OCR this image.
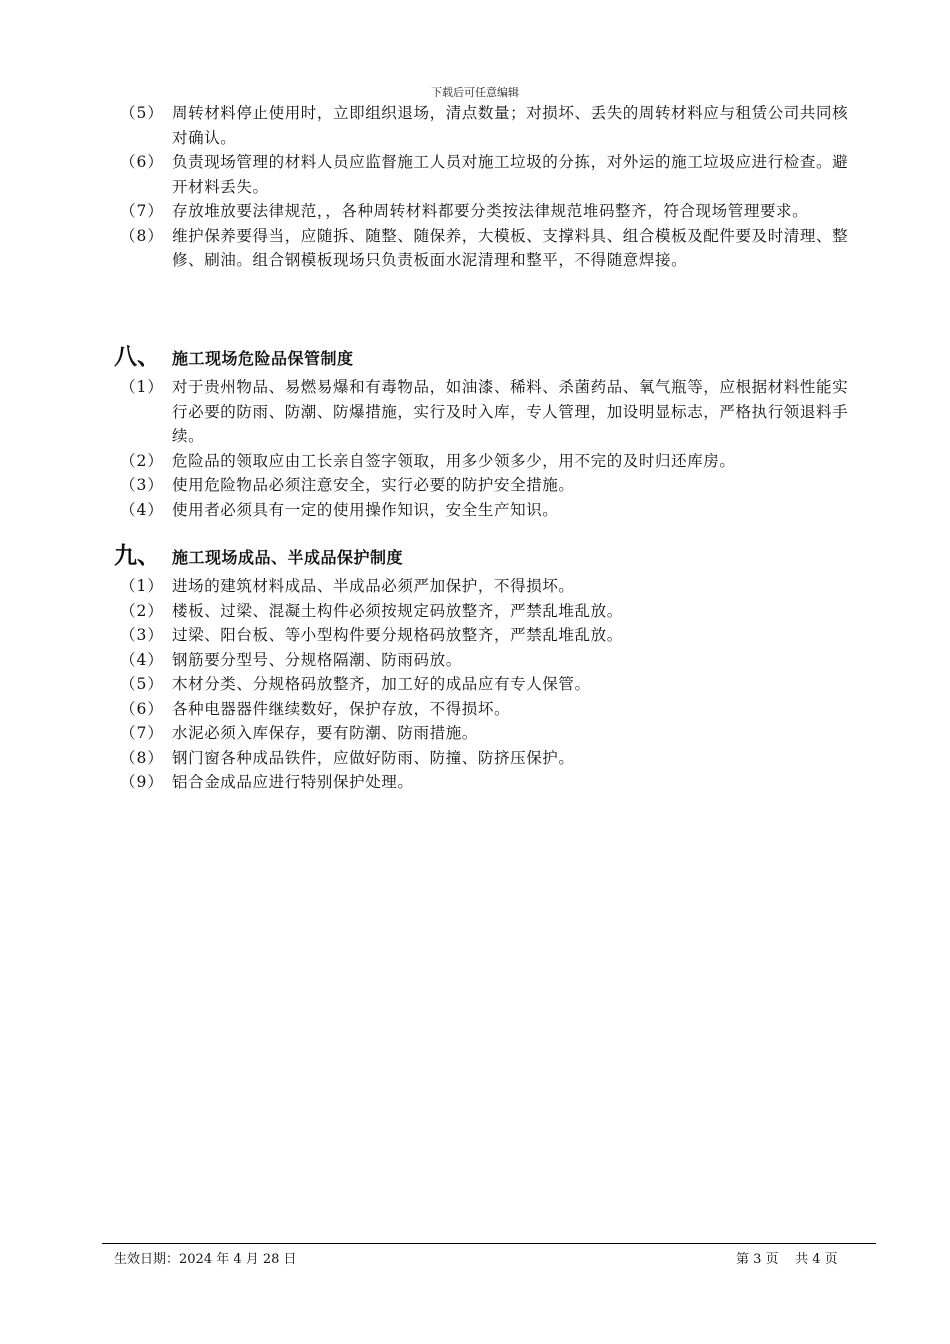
下载后可任意编辑
（5） 周转材料停止使用时，立即组织退场，清点数量；对损坏、丢失的周转材料应与租赁公司共同核对确认。
（6） 负责现场管理的材料人员应监督施工人员对施工垃圾的分拣，对外运的施工垃圾应进行检查。避开材料丢失。
（7） 存放堆放要法律规范，，各种周转材料都要分类按法律规范堆码整齐，符合现场管理要求。
（8） 维护保养要得当，应随拆、随整、随保养，大模板、支撑料具、组合模板及配件要及时清理、整修、刷油。组合钢模板现场只负责板面水泥清理和整平，不得随意焊接。
八、 施工现场危险品保管制度
（1） 对于贵州物品、易燃易爆和有毒物品，如油漆、稀料、杀菌药品、氧气瓶等，应根据材料性能实行必要的防雨、防潮、防爆措施，实行及时入库，专人管理，加设明显标志，严格执行领退料手续。
（2） 危险品的领取应由工长亲自签字领取，用多少领多少，用不完的及时归还库房。
（3） 使用危险物品必须注意安全，实行必要的防护安全措施。
（4） 使用者必须具有一定的使用操作知识，安全生产知识。
九、 施工现场成品、半成品保护制度
（1） 进场的建筑材料成品、半成品必须严加保护，不得损坏。
（2） 楼板、过梁、混凝土构件必须按规定码放整齐，严禁乱堆乱放。
（3） 过梁、阳台板、等小型构件要分规格码放整齐，严禁乱堆乱放。
（4） 钢筋要分型号、分规格隔潮、防雨码放。
（5） 木材分类、分规格码放整齐，加工好的成品应有专人保管。
（6） 各种电器器件继续数好，保护存放，不得损坏。
（7） 水泥必须入库保存，要有防潮、防雨措施。
（8） 钢门窗各种成品铁件，应做好防雨、防撞、防挤压保护。
（9） 铝合金成品应进行特别保护处理。
生效日期：2024 年 4 月 28 日	第 3 页    共 4 页
